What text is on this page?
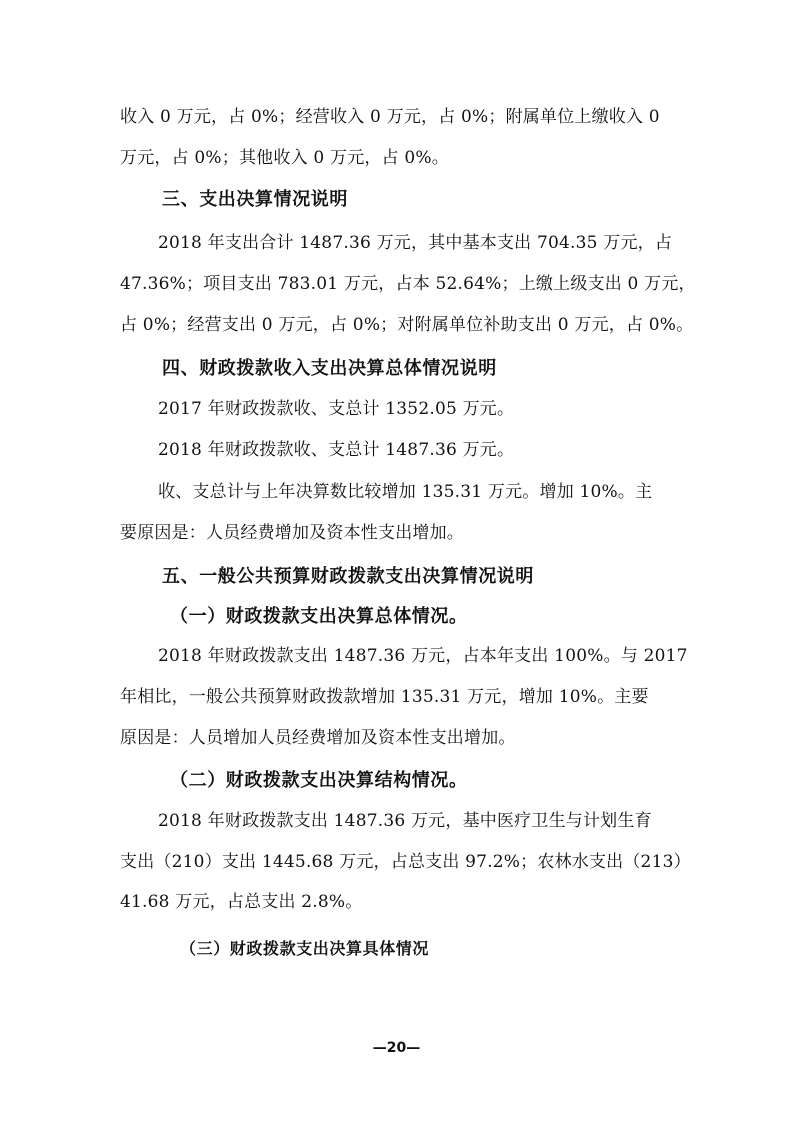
收入 0 万元，占 0%；经营收入 0 万元，占 0%；附属单位上缴收入 0
万元，占 0%；其他收入 0 万元，占 0%。
三、支出决算情况说明
2018 年支出合计 1487.36 万元，其中基本支出 704.35 万元，占
47.36%；项目支出 783.01 万元，占本 52.64%；上缴上级支出 0 万元，
占 0%；经营支出 0 万元，占 0%；对附属单位补助支出 0 万元，占 0%。
四、财政拨款收入支出决算总体情况说明
2017 年财政拨款收、支总计 1352.05 万元。
2018 年财政拨款收、支总计 1487.36 万元。
收、支总计与上年决算数比较增加 135.31 万元。增加 10%。主
要原因是：人员经费增加及资本性支出增加。
五、一般公共预算财政拨款支出决算情况说明
（一）财政拨款支出决算总体情况。
2018 年财政拨款支出 1487.36 万元，占本年支出 100%。与 2017
年相比，一般公共预算财政拨款增加 135.31 万元，增加 10%。主要
原因是：人员增加人员经费增加及资本性支出增加。
（二）财政拨款支出决算结构情况。
2018 年财政拨款支出 1487.36 万元，基中医疗卫生与计划生育
支出（210）支出 1445.68 万元，占总支出 97.2%；农林水支出（213）
41.68 万元，占总支出 2.8%。
（三）财政拨款支出决算具体情况
—20—
